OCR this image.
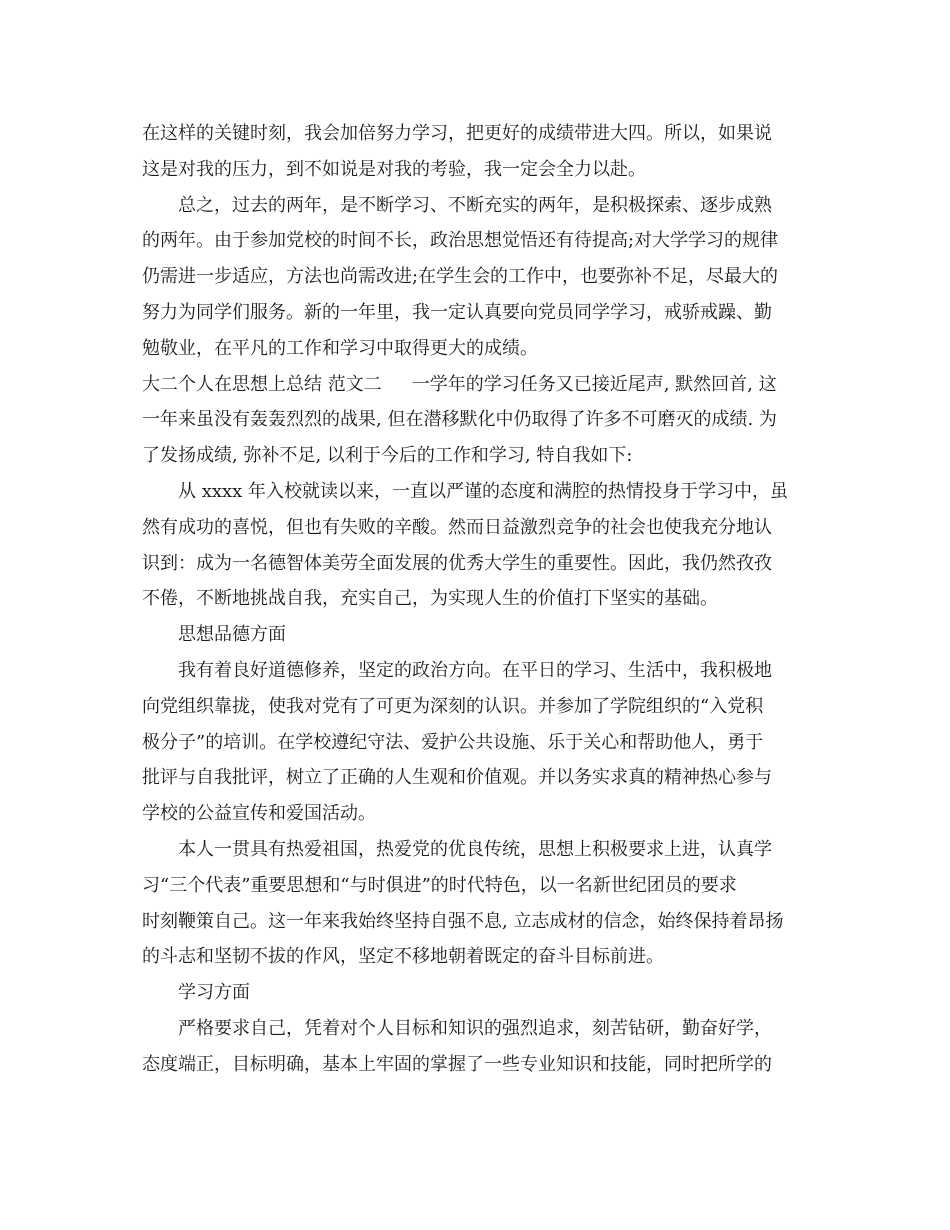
在这样的关键时刻，我会加倍努力学习，把更好的成绩带进大四。所以，如果说
这是对我的压力，到不如说是对我的考验，我一定会全力以赴。
总之，过去的两年，是不断学习、不断充实的两年，是积极探索、逐步成熟
的两年。由于参加党校的时间不长，政治思想觉悟还有待提高;对大学学习的规律
仍需进一步适应，方法也尚需改进;在学生会的工作中，也要弥补不足，尽最大的
努力为同学们服务。新的一年里，我一定认真要向党员同学学习，戒骄戒躁、勤
勉敬业，在平凡的工作和学习中取得更大的成绩。
大二个人在思想上总结 范文二 一学年的学习任务又已接近尾声, 默然回首, 这
一年来虽没有轰轰烈烈的战果, 但在潜移默化中仍取得了许多不可磨灭的成绩. 为
了发扬成绩, 弥补不足, 以利于今后的工作和学习, 特自我如下:
从 xxxx 年入校就读以来，一直以严谨的态度和满腔的热情投身于学习中，虽
然有成功的喜悦，但也有失败的辛酸。然而日益激烈竞争的社会也使我充分地认
识到：成为一名德智体美劳全面发展的优秀大学生的重要性。因此，我仍然孜孜
不倦，不断地挑战自我，充实自己，为实现人生的价值打下坚实的基础。
思想品德方面
我有着良好道德修养，坚定的政治方向。在平日的学习、生活中，我积极地
向党组织靠拢，使我对党有了可更为深刻的认识。并参加了学院组织的“入党积
极分子”的培训。在学校遵纪守法、爱护公共设施、乐于关心和帮助他人，勇于
批评与自我批评，树立了正确的人生观和价值观。并以务实求真的精神热心参与
学校的公益宣传和爱国活动。
本人一贯具有热爱祖国，热爱党的优良传统，思想上积极要求上进，认真学
习“三个代表”重要思想和“与时俱进”的时代特色，以一名新世纪团员的要求
时刻鞭策自己。这一年来我始终坚持自强不息, 立志成材的信念，始终保持着昂扬
的斗志和坚韧不拔的作风，坚定不移地朝着既定的奋斗目标前进。
学习方面
严格要求自己，凭着对个人目标和知识的强烈追求，刻苦钻研，勤奋好学，
态度端正，目标明确，基本上牢固的掌握了一些专业知识和技能，同时把所学的
